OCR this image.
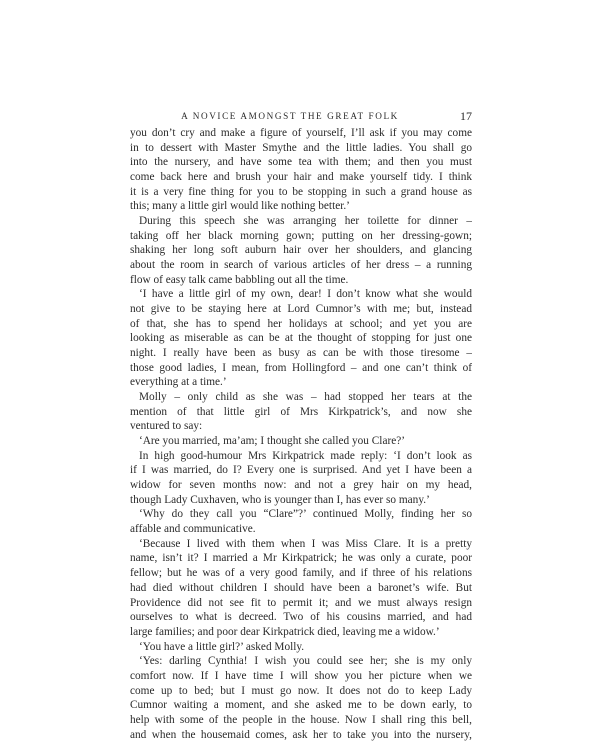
A NOVICE AMONGST THE GREAT FOLK	17
you don’t cry and make a figure of yourself, I’ll ask if you may come
in to dessert with Master Smythe and the little ladies. You shall go
into the nursery, and have some tea with them; and then you must
come back here and brush your hair and make yourself tidy. I think
it is a very fine thing for you to be stopping in such a grand house as
this; many a little girl would like nothing better.’
During this speech she was arranging her toilette for dinner –
taking off her black morning gown; putting on her dressing-gown;
shaking her long soft auburn hair over her shoulders, and glancing
about the room in search of various articles of her dress – a running
flow of easy talk came babbling out all the time.
‘I have a little girl of my own, dear! I don’t know what she would
not give to be staying here at Lord Cumnor’s with me; but, instead
of that, she has to spend her holidays at school; and yet you are
looking as miserable as can be at the thought of stopping for just one
night. I really have been as busy as can be with those tiresome –
those good ladies, I mean, from Hollingford – and one can’t think of
everything at a time.’
Molly – only child as she was – had stopped her tears at the
mention of that little girl of Mrs Kirkpatrick’s, and now she
ventured to say:
‘Are you married, ma’am; I thought she called you Clare?’
In high good-humour Mrs Kirkpatrick made reply: ‘I don’t look as
if I was married, do I? Every one is surprised. And yet I have been a
widow for seven months now: and not a grey hair on my head,
though Lady Cuxhaven, who is younger than I, has ever so many.’
‘Why do they call you “Clare”?’ continued Molly, finding her so
affable and communicative.
‘Because I lived with them when I was Miss Clare. It is a pretty
name, isn’t it? I married a Mr Kirkpatrick; he was only a curate, poor
fellow; but he was of a very good family, and if three of his relations
had died without children I should have been a baronet’s wife. But
Providence did not see fit to permit it; and we must always resign
ourselves to what is decreed. Two of his cousins married, and had
large families; and poor dear Kirkpatrick died, leaving me a widow.’
‘You have a little girl?’ asked Molly.
‘Yes: darling Cynthia! I wish you could see her; she is my only
comfort now. If I have time I will show you her picture when we
come up to bed; but I must go now. It does not do to keep Lady
Cumnor waiting a moment, and she asked me to be down early, to
help with some of the people in the house. Now I shall ring this bell,
and when the housemaid comes, ask her to take you into the nursery,
